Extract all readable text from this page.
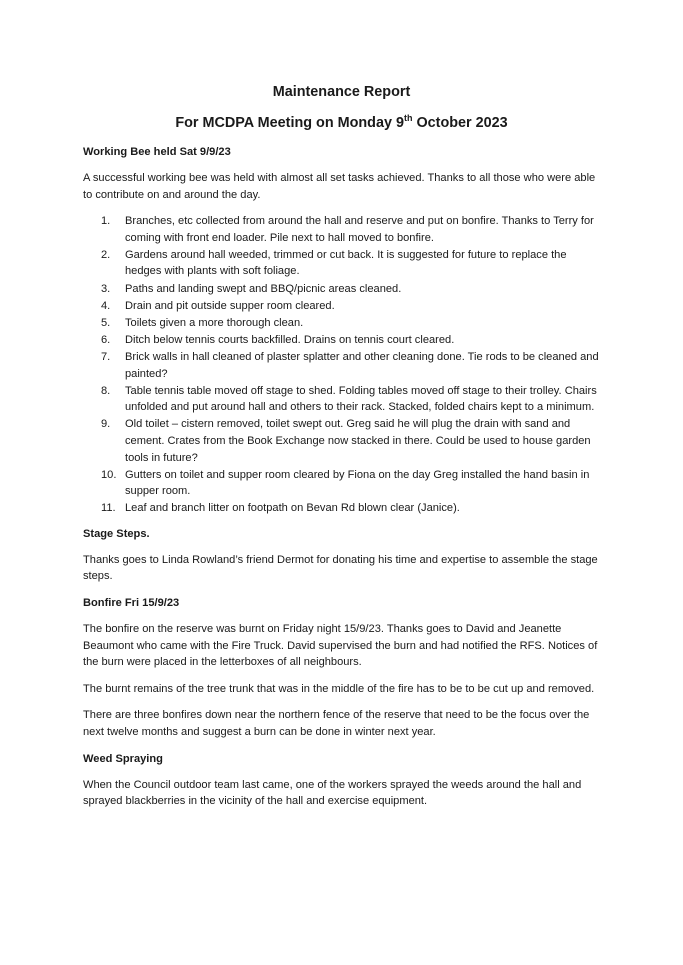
Maintenance Report
For MCDPA Meeting on Monday 9th October 2023
Working Bee held Sat 9/9/23

A successful working bee was held with almost all set tasks achieved. Thanks to all those who were able to contribute on and around the day.

1.	Branches, etc collected from around the hall and reserve and put on bonfire. Thanks to Terry for coming with front end loader. Pile next to hall moved to bonfire.
2.	Gardens around hall weeded, trimmed or cut back. It is suggested for future to replace the hedges with plants with soft foliage.
3.	Paths and landing swept and BBQ/picnic areas cleaned.
4.	Drain and pit outside supper room cleared.
5.	Toilets given a more thorough clean.
6.	Ditch below tennis courts backfilled. Drains on tennis court cleared.
7.	Brick walls in hall cleaned of plaster splatter and other cleaning done. Tie rods to be cleaned and painted?
8.	Table tennis table moved off stage to shed. Folding tables moved off stage to their trolley. Chairs unfolded and put around hall and others to their rack. Stacked, folded chairs kept to a minimum.
9.	Old toilet – cistern removed, toilet swept out. Greg said he will plug the drain with sand and cement. Crates from the Book Exchange now stacked in there. Could be used to house garden tools in future?
10. Gutters on toilet and supper room cleared by Fiona on the day Greg installed the hand basin in supper room.
11. Leaf and branch litter on footpath on Bevan Rd blown clear (Janice).
Stage Steps.

Thanks goes to Linda Rowland’s friend Dermot for donating his time and expertise to assemble the stage steps.

Bonfire Fri 15/9/23

The bonfire on the reserve was burnt on Friday night 15/9/23. Thanks goes to David and Jeanette Beaumont who came with the Fire Truck. David supervised the burn and had notified the RFS. Notices of the burn were placed in the letterboxes of all neighbours.

The burnt remains of the tree trunk that was in the middle of the fire has to be to be cut up and removed.

There are three bonfires down near the northern fence of the reserve that need to be the focus over the next twelve months and suggest a burn can be done in winter next year.

Weed Spraying

When the Council outdoor team last came, one of the workers sprayed the weeds around the hall and sprayed blackberries in the vicinity of the hall and exercise equipment.
